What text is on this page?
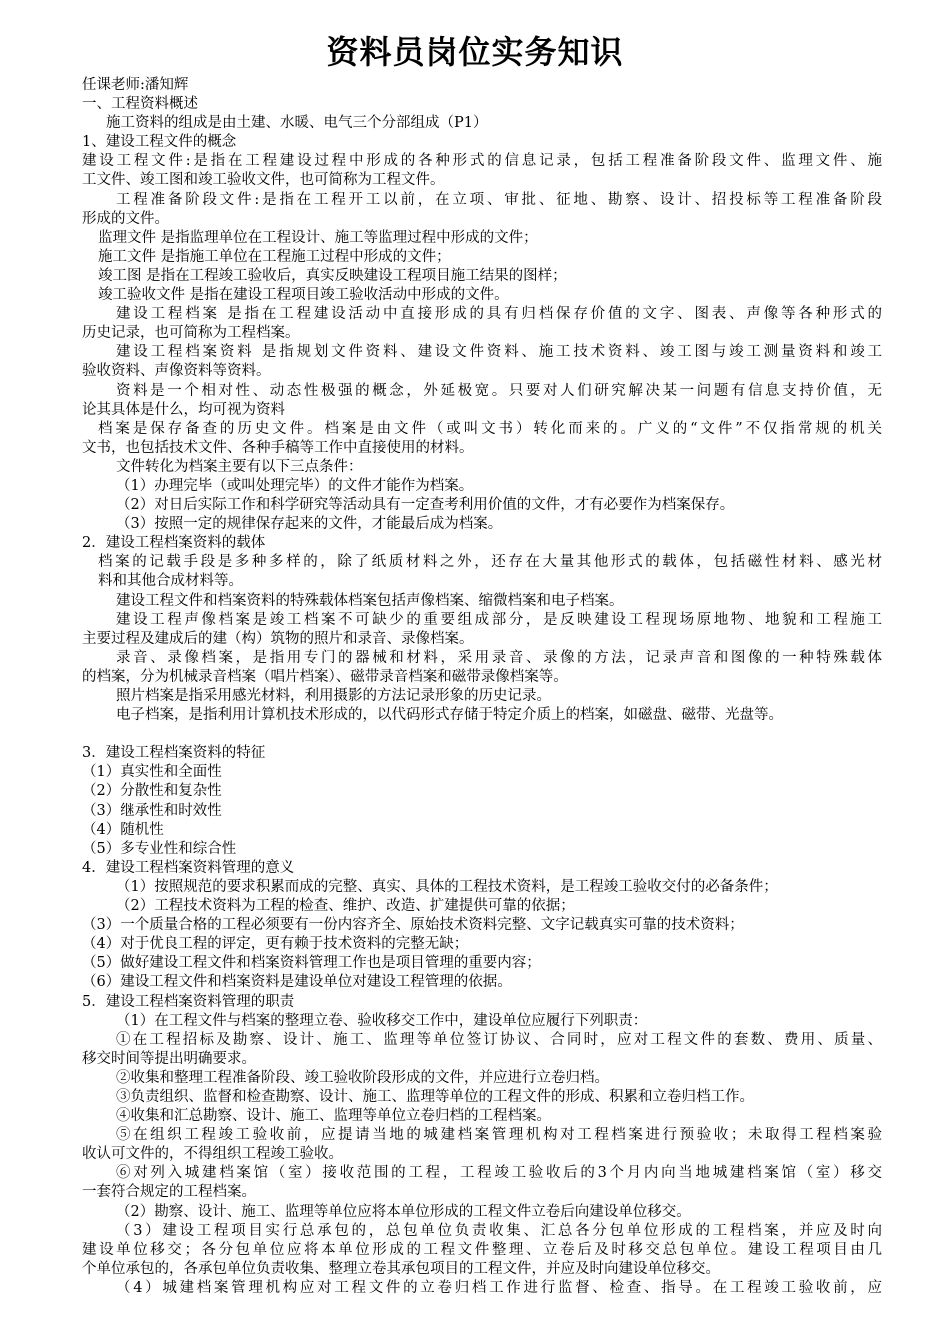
资料员岗位实务知识
任课老师:潘知辉
一、工程资料概述
施工资料的组成是由土建、水暖、电气三个分部组成（P1）
1、建设工程文件的概念
建设工程文件:是指在工程建设过程中形成的各种形式的信息记录，包括工程准备阶段文件、监理文件、施
工文件、竣工图和竣工验收文件，也可简称为工程文件。
工程准备阶段文件:是指在工程开工以前，在立项、审批、征地、勘察、设计、招投标等工程准备阶段
形成的文件。
监理文件 是指监理单位在工程设计、施工等监理过程中形成的文件；
施工文件 是指施工单位在工程施工过程中形成的文件；
竣工图 是指在工程竣工验收后，真实反映建设工程项目施工结果的图样；
竣工验收文件 是指在建设工程项目竣工验收活动中形成的文件。
建设工程档案 是指在工程建设活动中直接形成的具有归档保存价值的文字、图表、声像等各种形式的
历史记录，也可简称为工程档案。
建设工程档案资料 是指规划文件资料、建设文件资料、施工技术资料、竣工图与竣工测量资料和竣工
验收资料、声像资料等资料。
资料是一个相对性、动态性极强的概念，外延极宽。只要对人们研究解决某一问题有信息支持价值，无
论其具体是什么，均可视为资料
档案是保存备查的历史文件。档案是由文件（或叫文书）转化而来的。广义的“文件”不仅指常规的机关
文书，也包括技术文件、各种手稿等工作中直接使用的材料。
文件转化为档案主要有以下三点条件：
（1）办理完毕（或叫处理完毕）的文件才能作为档案。
（2）对日后实际工作和科学研究等活动具有一定查考利用价值的文件，才有必要作为档案保存。
（3）按照一定的规律保存起来的文件，才能最后成为档案。
2．建设工程档案资料的载体
档案的记载手段是多种多样的，除了纸质材料之外，还存在大量其他形式的载体，包括磁性材料、感光材
料和其他合成材料等。
建设工程文件和档案资料的特殊载体档案包括声像档案、缩微档案和电子档案。
建设工程声像档案是竣工档案不可缺少的重要组成部分，是反映建设工程现场原地物、地貌和工程施工
主要过程及建成后的建（构）筑物的照片和录音、录像档案。
录音、录像档案，是指用专门的器械和材料，采用录音、录像的方法，记录声音和图像的一种特殊载体
的档案，分为机械录音档案（唱片档案）、磁带录音档案和磁带录像档案等。
照片档案是指采用感光材料，利用摄影的方法记录形象的历史记录。
电子档案，是指利用计算机技术形成的，以代码形式存储于特定介质上的档案，如磁盘、磁带、光盘等。
3．建设工程档案资料的特征
（1）真实性和全面性
（2）分散性和复杂性
（3）继承性和时效性
（4）随机性
（5）多专业性和综合性
4．建设工程档案资料管理的意义
（1）按照规范的要求积累而成的完整、真实、具体的工程技术资料，是工程竣工验收交付的必备条件；
（2）工程技术资料为工程的检查、维护、改造、扩建提供可靠的依据；
（3）一个质量合格的工程必须要有一份内容齐全、原始技术资料完整、文字记载真实可靠的技术资料；
（4）对于优良工程的评定，更有赖于技术资料的完整无缺；
（5）做好建设工程文件和档案资料管理工作也是项目管理的重要内容；
（6）建设工程文件和档案资料是建设单位对建设工程管理的依据。
5．建设工程档案资料管理的职责
（1）在工程文件与档案的整理立卷、验收移交工作中，建设单位应履行下列职责：
①在工程招标及勘察、设计、施工、监理等单位签订协议、合同时，应对工程文件的套数、费用、质量、
移交时间等提出明确要求。
②收集和整理工程准备阶段、竣工验收阶段形成的文件，并应进行立卷归档。
③负责组织、监督和检查勘察、设计、施工、监理等单位的工程文件的形成、积累和立卷归档工作。
④收集和汇总勘察、设计、施工、监理等单位立卷归档的工程档案。
⑤在组织工程竣工验收前，应提请当地的城建档案管理机构对工程档案进行预验收；未取得工程档案验
收认可文件的，不得组织工程竣工验收。
⑥对列入城建档案馆（室）接收范围的工程，工程竣工验收后的3个月内向当地城建档案馆（室）移交
一套符合规定的工程档案。
（2）勘察、设计、施工、监理等单位应将本单位形成的工程文件立卷后向建设单位移交。
（3）建设工程项目实行总承包的，总包单位负责收集、汇总各分包单位形成的工程档案，并应及时向
建设单位移交；各分包单位应将本单位形成的工程文件整理、立卷后及时移交总包单位。建设工程项目由几
个单位承包的，各承包单位负责收集、整理立卷其承包项目的工程文件，并应及时向建设单位移交。
（4）城建档案管理机构应对工程文件的立卷归档工作进行监督、检查、指导。在工程竣工验收前，应
